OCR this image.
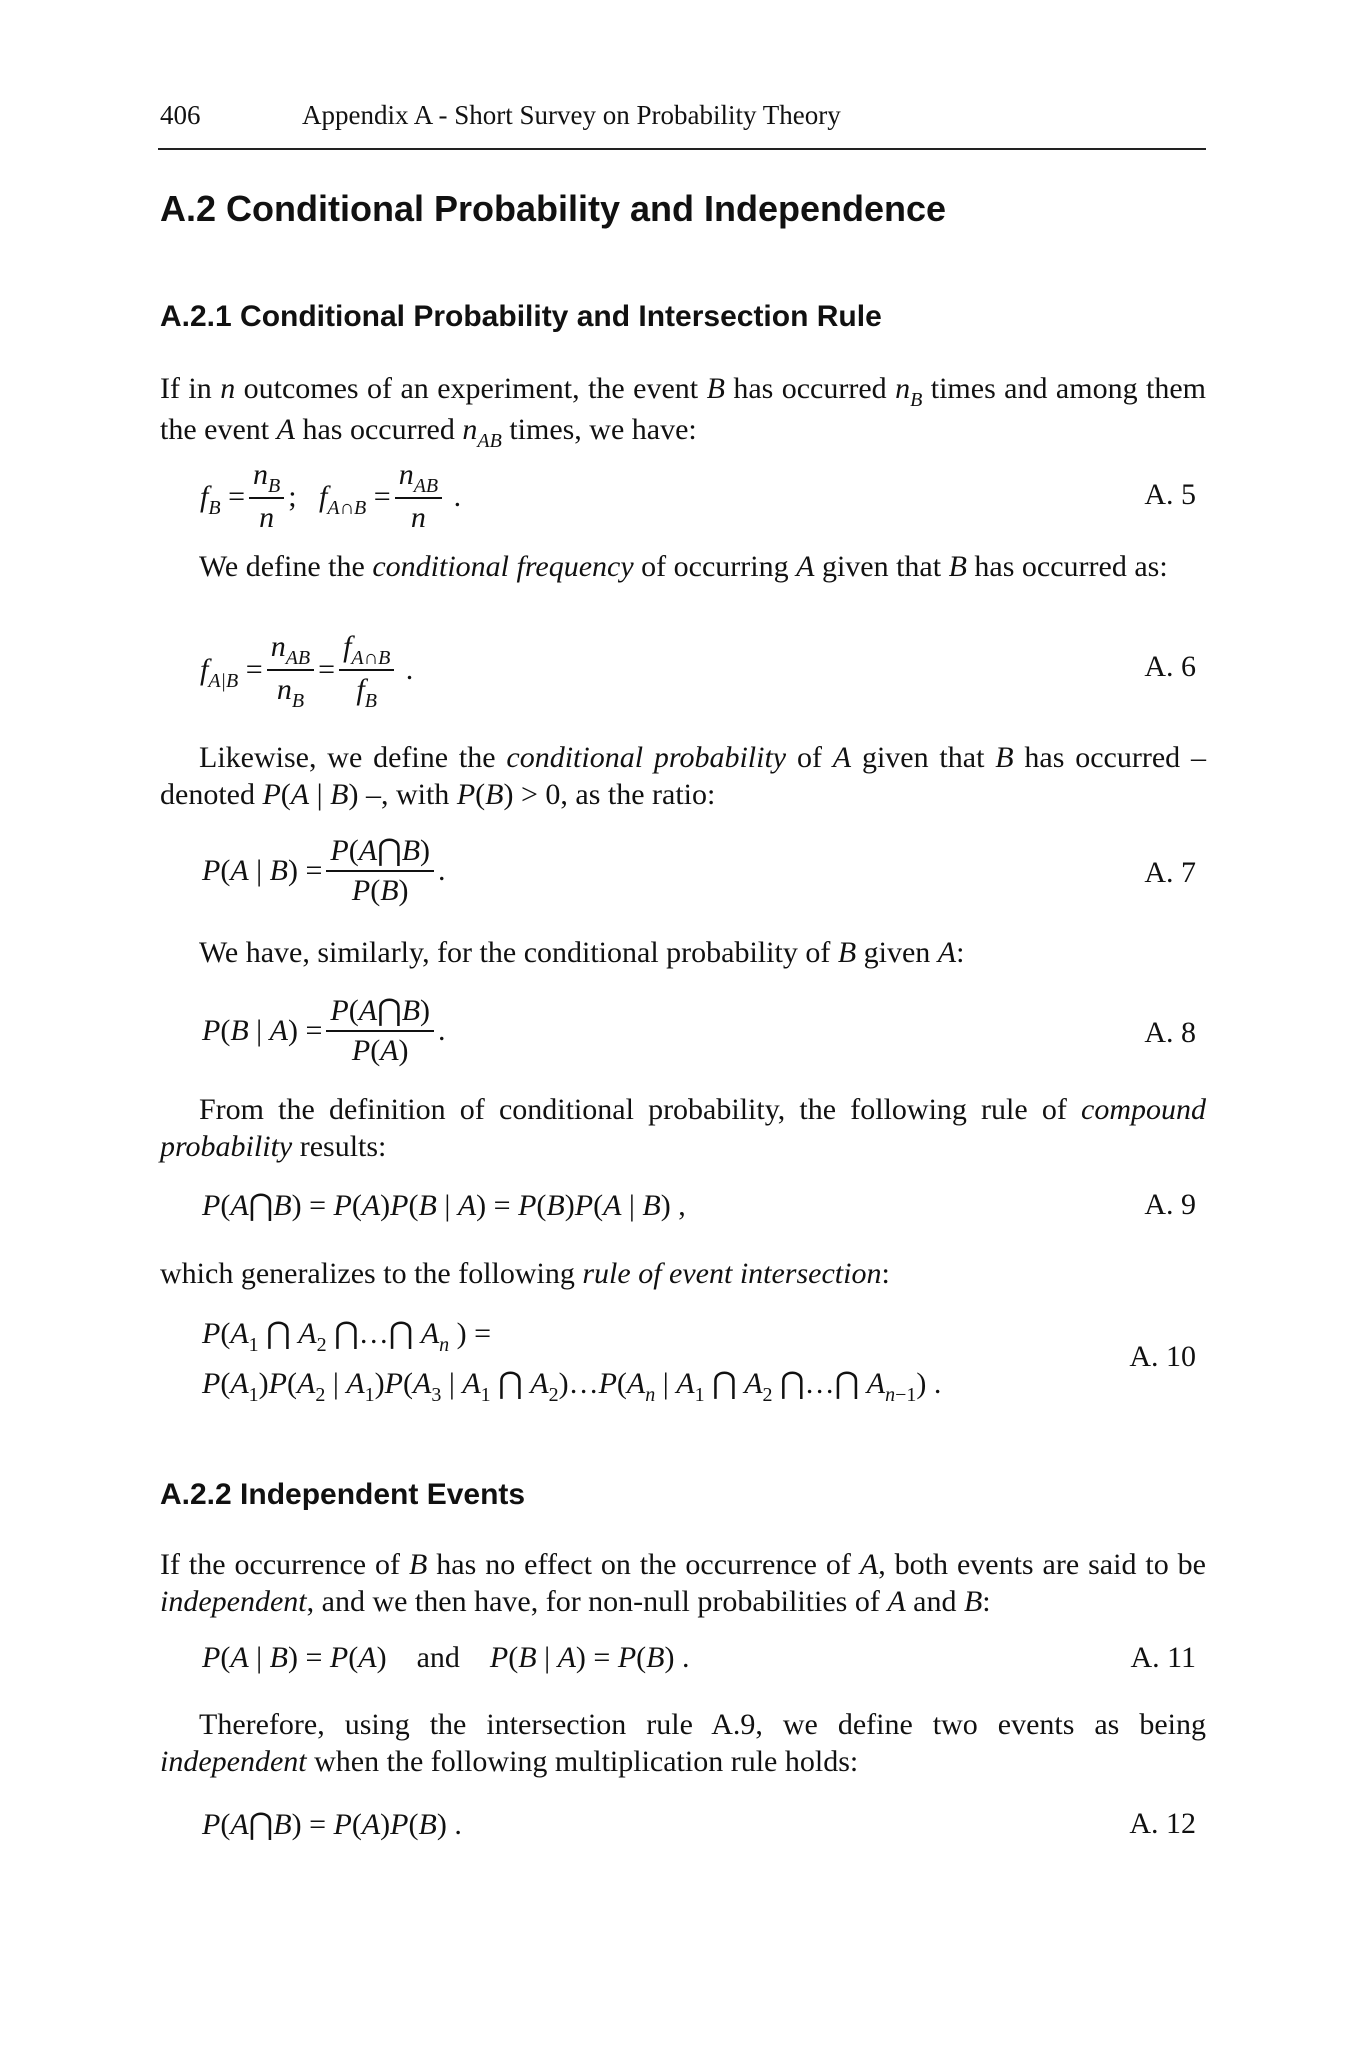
406	Appendix A - Short Survey on Probability Theory
A.2 Conditional Probability and Independence
A.2.1 Conditional Probability and Intersection Rule
If in n outcomes of an experiment, the event B has occurred $n_B$ times and among them the event A has occurred $n_{AB}$ times, we have:
$f_B = \frac{n_B}{n}$ ; $f_{A\cap B} = \frac{n_{AB}}{n}$ .	A. 5
We define the conditional frequency of occurring A given that B has occurred as:
$f_{A|B} = \frac{n_{AB}}{n_B} = \frac{f_{A\cap B}}{f_B}$ .	A. 6
Likewise, we define the conditional probability of A given that B has occurred – denoted P(A | B) –, with P(B) > 0, as the ratio:
P(A | $B) = \frac{P(A⋂B)}{P(B)}$ .	A. 7
We have, similarly, for the conditional probability of B given A:
P(B | $A) = \frac{P(A⋂B)}{P(A)}$ .	A. 8
From the definition of conditional probability, the following rule of compound probability results:
P(A⋂B) = P(A)P(B | A) = P(B)P(A | B) ,	A. 9
which generalizes to the following rule of event intersection:
$P(A_1$ ⋂ $A_2$ ⋂…⋂ $A_n$ ) =
$P(A_1)P(A_2$ | $A_1)P(A_3$ | $A_1$ ⋂ $A_2)\dots P(A_n$ | $A_1$ ⋂ $A_2$ ⋂…⋂ $A_{n-1}$) .
A. 10
A.2.2 Independent Events
If the occurrence of B has no effect on the occurrence of A, both events are said to be independent, and we then have, for non-null probabilities of A and B:
P(A | B) = P(A) and P(B | A) = P(B) .	A. 11
Therefore, using the intersection rule A.9, we define two events as being independent when the following multiplication rule holds:
P(A⋂B) = P(A)P(B) .	A. 12
